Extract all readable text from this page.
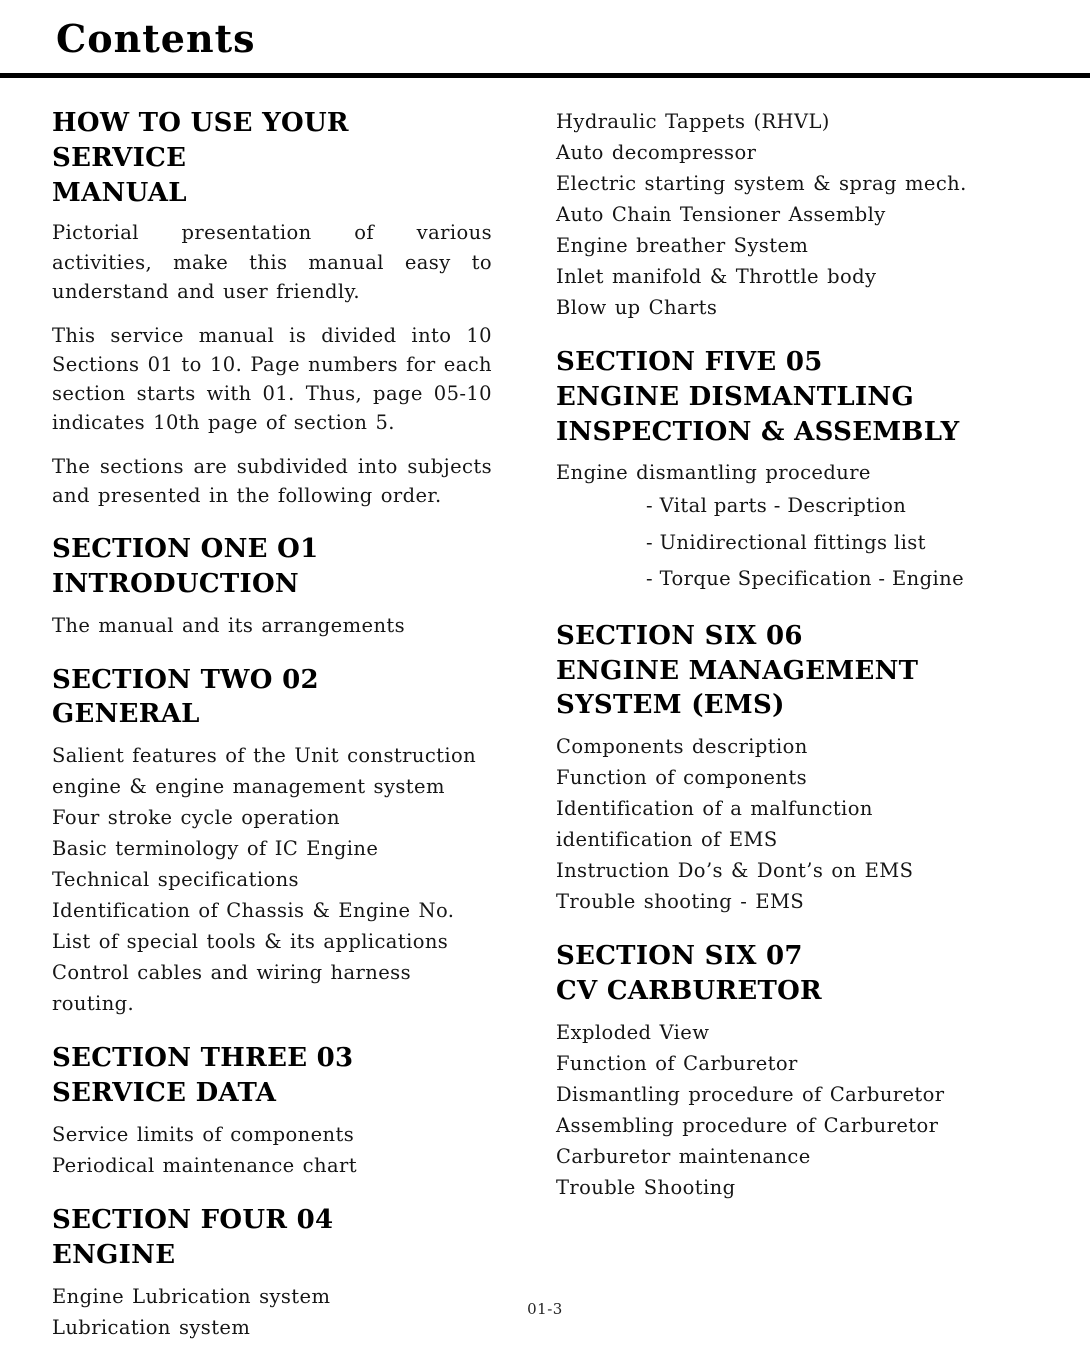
Contents
HOW TO USE YOUR SERVICE
MANUAL

Pictorial presentation of various activities, make this manual easy to understand and user friendly.

This service manual is divided into 10 Sections 01 to 10. Page numbers for each section starts with 01. Thus, page 05-10 indicates 10th page of section 5.

The sections are subdivided into subjects and presented in the following order.

SECTION ONE O1
INTRODUCTION

The manual and its arrangements

SECTION TWO 02
GENERAL

Salient features of the Unit construction engine & engine management system

Four stroke cycle operation

Basic terminology of IC Engine

Technical specifications

Identification of Chassis & Engine No.

List of special tools & its applications

Control cables and wiring harness routing.

SECTION THREE 03
SERVICE DATA

Service limits of components

Periodical maintenance chart

SECTION FOUR 04
ENGINE

Engine Lubrication system

Lubrication system

Hydraulic Tappets (RHVL)

Auto decompressor

Electric starting system & sprag mech.

Auto Chain Tensioner Assembly

Engine breather System

Inlet manifold & Throttle body

Blow up Charts

SECTION FIVE 05
ENGINE DISMANTLING
INSPECTION & ASSEMBLY

Engine dismantling procedure

- Vital parts - Description

- Unidirectional fittings list

- Torque Specification - Engine

SECTION SIX 06
ENGINE MANAGEMENT
SYSTEM (EMS)

Components description

Function of components

Identification of a malfunction identification of EMS

Instruction Do’s & Dont’s on EMS

Trouble shooting - EMS

SECTION SIX 07
CV CARBURETOR

Exploded View

Function of Carburetor

Dismantling procedure of Carburetor

Assembling procedure of Carburetor

Carburetor maintenance

Trouble Shooting

01-3
